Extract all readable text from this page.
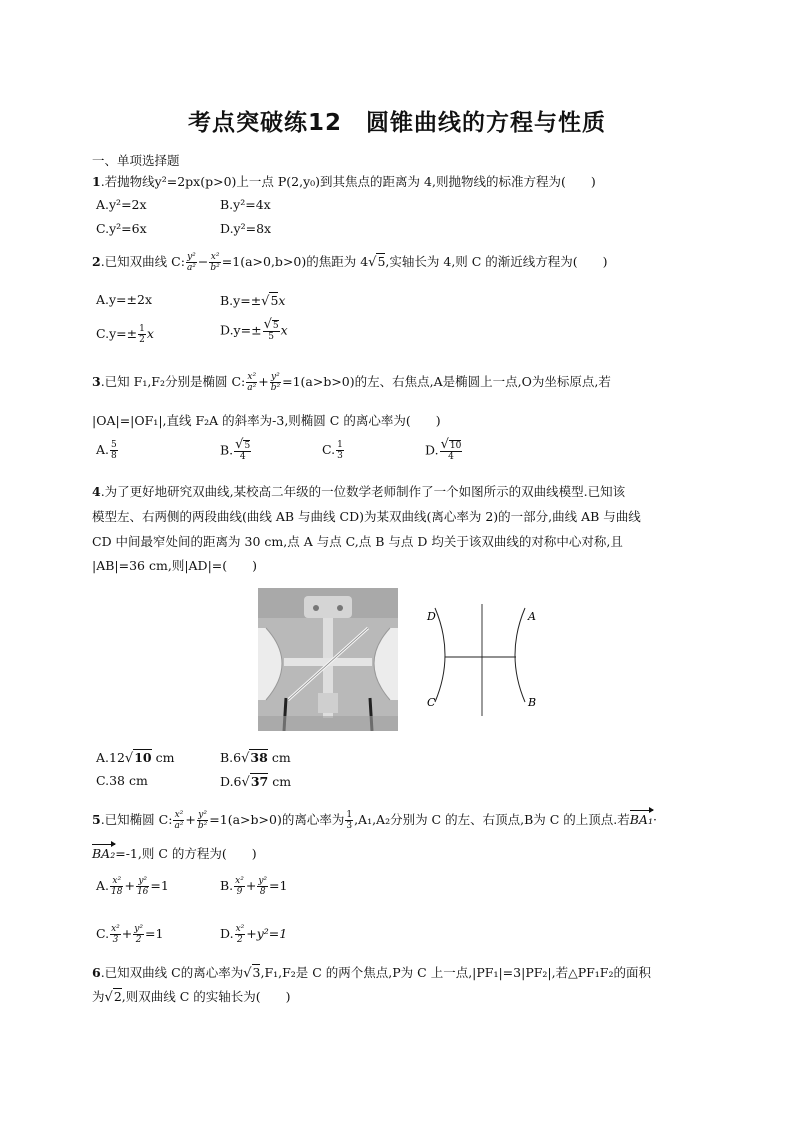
考点突破练12　圆锥曲线的方程与性质
一、单项选择题
1.若抛物线y²=2px(p>0)上一点 P(2,y₀)到其焦点的距离为 4,则抛物线的标准方程为(　　)
A.y²=2x	B.y²=4x
C.y²=6x	D.y²=8x
2.已知双曲线 C: $\frac{\text{y²}}{\text{a²}} - \frac{\text{x²}}{\text{b²}} =1(a>0,b>0)$的焦距为 4√5,实轴长为 4,则 C 的渐近线方程为(　　)
A.y=±2x	B.y=±√5x
$C.y=\pm \frac{1}{2}$ x	$D.y=\pm \frac{√5}{5}$ x
3.已知 F₁,F₂分别是椭圆 C: $\frac{\text{x²}}{\text{a²}} + \frac{\text{y²}}{\text{b²}} =1(a>b>0)$的左、右焦点,A是椭圆上一点,O为坐标原点,若
|OA|=|OF₁|,直线 F₂A 的斜率为-3,则椭圆 C 的离心率为(　　)
A. $\frac{5}{8}$	B. $\frac{√5}{4}$	C. $\frac{1}{3}$	D. $\frac{√10}{4}$
4.为了更好地研究双曲线,某校高二年级的一位数学老师制作了一个如图所示的双曲线模型.已知该
模型左、右两侧的两段曲线(曲线 AB 与曲线 CD)为某双曲线(离心率为 2)的一部分,曲线 AB 与曲线
CD 中间最窄处间的距离为 30 cm,点 A 与点 C,点 B 与点 D 均关于该双曲线的对称中心对称,且
|AB|=36 cm,则|AD|=(　　)
D	A
C	B
A.12√10 cm	B.6√38 cm
C.38 cm	D.6√37 cm
5.已知椭圆 C: $\frac{\text{x²}}{\text{a²}} + \frac{\text{y²}}{\text{b²}} =1(a>b>0)$的离心率为 $\frac{1}{3} ,A_1,A_2$分别为 C 的左、右顶点,B为 C 的上顶点.若BA₁·
BA₂=-1,则 C 的方程为(　　)
A. $\frac{\text{x²}}{18} + \frac{\text{y²}}{16} =1$	B. $\frac{\text{x²}}{9} + \frac{\text{y²}}{8} =1$
C. $\frac{\text{x²}}{3} + \frac{\text{y²}}{2} =1$	D. $\frac{\text{x²}}{2} +y^2=1$
6.已知双曲线 C的离心率为√3,F₁,F₂是 C 的两个焦点,P为 C 上一点,|PF₁|=3|PF₂|,若△PF₁F₂的面积
为√2,则双曲线 C 的实轴长为(　　)
